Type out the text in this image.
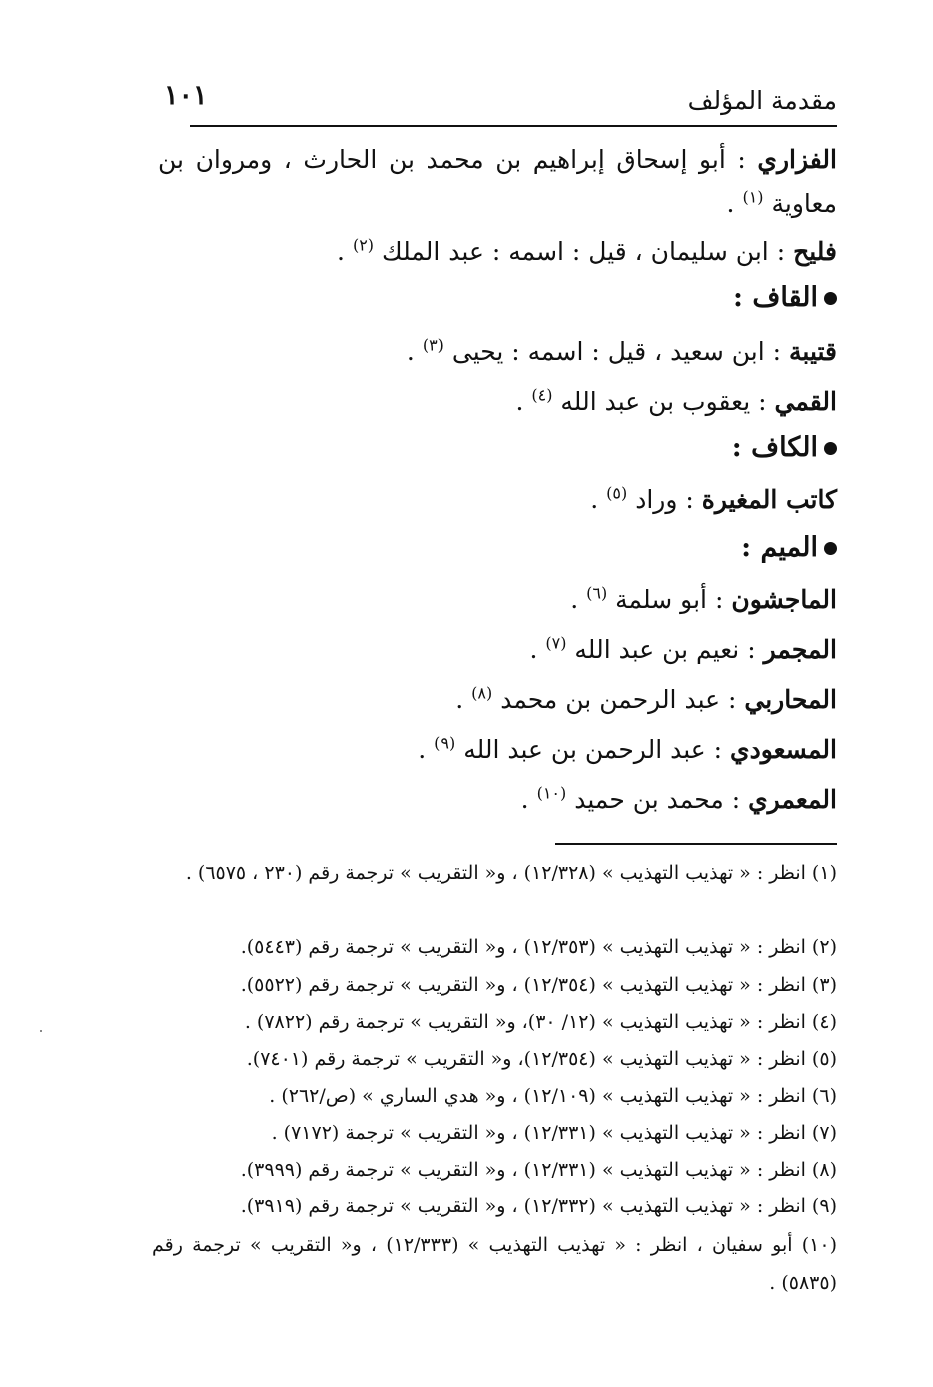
مقدمة المؤلف
١٠١
الفزاري : أبو إسحاق إبراهيم بن محمد بن الحارث ، ومروان بن معاوية $^{(١)}$ .
فليح : ابن سليمان ، قيل : اسمه : عبد الملك $^{(٢)}$ .
القاف :
قتيبة : ابن سعيد ، قيل : اسمه : يحيى $^{(٣)}$ .
القمي : يعقوب بن عبد الله $^{(٤)}$ .
الكاف :
كاتب المغيرة : وراد $^{(٥)}$ .
الميم :
الماجشون : أبو سلمة $^{(٦)}$ .
المجمر : نعيم بن عبد الله $^{(٧)}$ .
المحاربي : عبد الرحمن بن محمد $^{(٨)}$ .
المسعودي : عبد الرحمن بن عبد الله $^{(٩)}$ .
المعمري : محمد بن حميد $^{(١٠)}$ .
(١) انظر : « تهذيب التهذيب » (١٢/٣٢٨) ، و« التقريب » ترجمة رقم (٢٣٠ ، ٦٥٧٥) .
(٢) انظر : « تهذيب التهذيب » (١٢/٣٥٣) ، و« التقريب » ترجمة رقم (٥٤٤٣).
(٣) انظر : « تهذيب التهذيب » (١٢/٣٥٤) ، و« التقريب » ترجمة رقم (٥٥٢٢).
(٤) انظر : « تهذيب التهذيب » (١٢/ ٣٠)، و« التقريب » ترجمة رقم (٧٨٢٢) .
(٥) انظر : « تهذيب التهذيب » (١٢/٣٥٤)، و« التقريب » ترجمة رقم (٧٤٠١).
(٦) انظر : « تهذيب التهذيب » (١٢/١٠٩) ، و« هدي الساري » (ص/٢٦٢) .
(٧) انظر : « تهذيب التهذيب » (١٢/٣٣١) ، و« التقريب » ترجمة (٧١٧٢) .
(٨) انظر : « تهذيب التهذيب » (١٢/٣٣١) ، و« التقريب » ترجمة رقم (٣٩٩٩).
(٩) انظر : « تهذيب التهذيب » (١٢/٣٣٢) ، و« التقريب » ترجمة رقم (٣٩١٩).
(١٠) أبو سفيان ، انظر : « تهذيب التهذيب » (١٢/٣٣٣) ، و« التقريب » ترجمة رقم (٥٨٣٥) .
